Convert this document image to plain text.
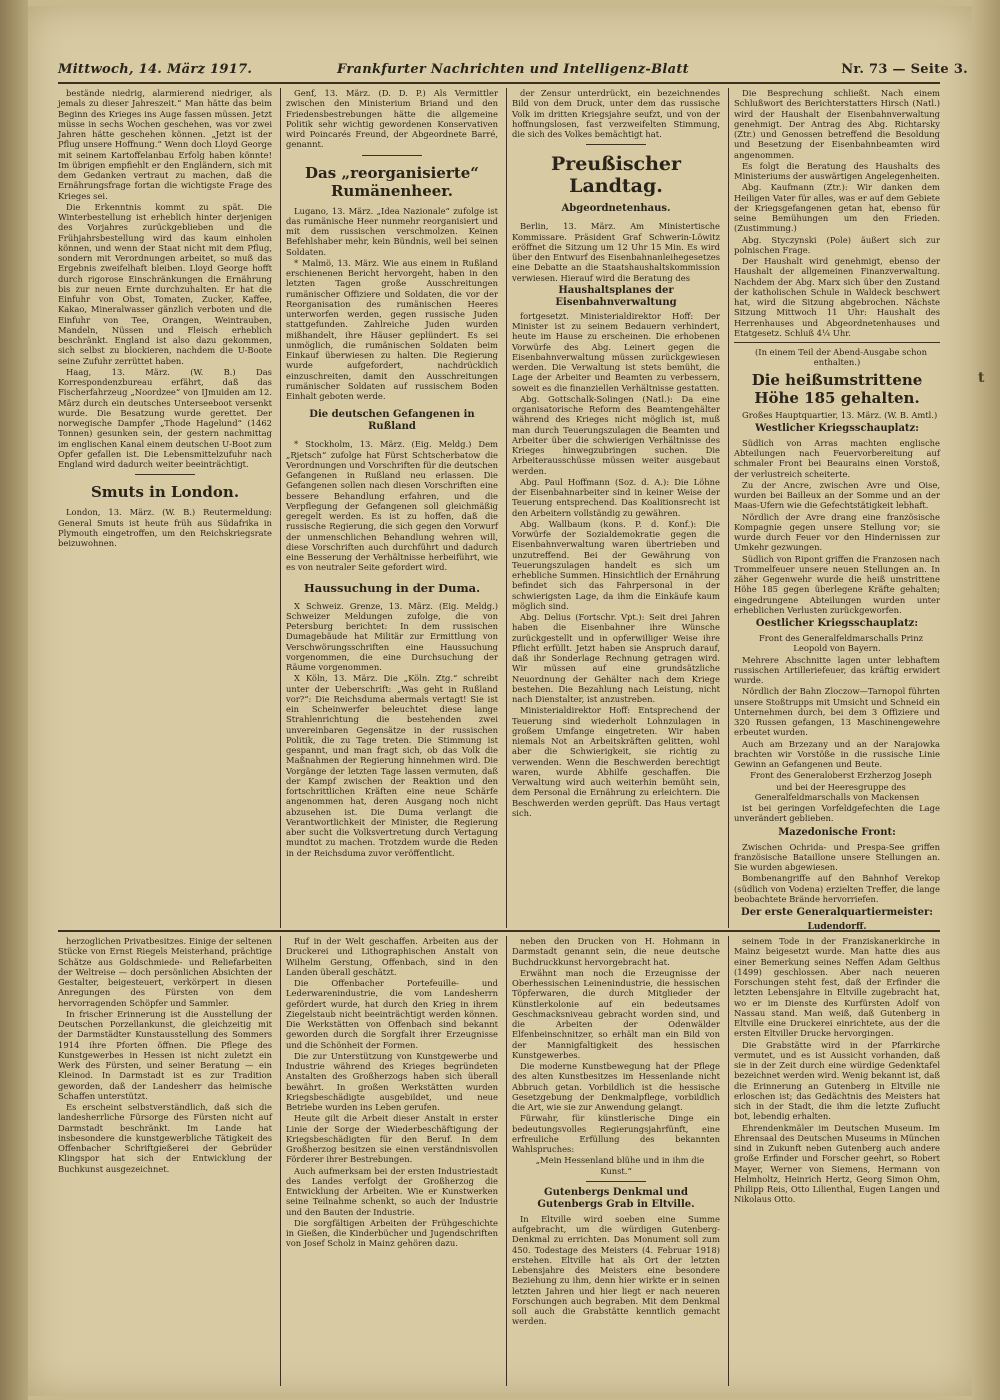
Mittwoch, 14. März 1917.	Frankfurter Nachrichten und Intelligenz-Blatt	Nr. 73 — Seite 3.

bestände niedrig, alarmierend niedriger, als jemals zu dieser Jahreszeit.“ Man hätte das beim Beginn des Krieges ins Auge fassen müssen. Jetzt müsse in sechs Wochen geschehen, was vor zwei Jahren hätte geschehen können. „Jetzt ist der Pflug unsere Hoffnung.“ Wenn doch Lloyd George mit seinem Kartoffelanbau Erfolg haben könnte! Im übrigen empfiehlt er den Engländern, sich mit dem Gedanken vertraut zu machen, daß die Ernährungsfrage fortan die wichtigste Frage des Krieges sei.

Die Erkenntnis kommt zu spät. Die Winterbestellung ist erheblich hinter derjenigen des Vorjahres zurückgeblieben und die Frühjahrsbestellung wird das kaum einholen können, und wenn der Staat nicht mit dem Pflug, sondern mit Verordnungen arbeitet, so muß das Ergebnis zweifelhaft bleiben. Lloyd George hofft durch rigorose Einschränkungen die Ernährung bis zur neuen Ernte durchzuhalten. Er hat die Einfuhr von Obst, Tomaten, Zucker, Kaffee, Kakao, Mineralwasser gänzlich verboten und die Einfuhr von Tee, Orangen, Weintrauben, Mandeln, Nüssen und Fleisch erheblich beschränkt. England ist also dazu gekommen, sich selbst zu blockieren, nachdem die U-Boote seine Zufuhr zerrüttet haben.

Haag, 13. März. (W. B.) Das Korrespondenzbureau erfährt, daß das Fischerfahrzeug „Noordzee“ von IJmuiden am 12. März durch ein deutsches Unterseeboot versenkt wurde. Die Besatzung wurde gerettet. Der norwegische Dampfer „Thode Hagelund“ (1462 Tonnen) gesunken sein, der gestern nachmittag im englischen Kanal einem deutschen U-Boot zum Opfer gefallen ist. Die Lebensmittelzufuhr nach England wird dadurch weiter beeinträchtigt.

Smuts in London.

London, 13. März. (W. B.) Reutermeldung: General Smuts ist heute früh aus Südafrika in Plymouth eingetroffen, um den Reichskriegsrate beizuwohnen.

Genf, 13. März. (D. D. P.) Als Vermittler zwischen den Ministerium Briand und den Friedensbestrebungen hätte die allgemeine Politik sehr wichtig gewordenen Konservativen wird Poincarés Freund, der Abgeordnete Barré, genannt.

Das „reorganisierte“ Rumänenheer.

Lugano, 13. März. „Idea Nazionale“ zufolge ist das rumänische Heer nunmehr reorganisiert und mit dem russischen verschmolzen. Keinen Befehlshaber mehr, kein Bündnis, weil bei seinen Soldaten.

* Malmö, 13. März. Wie aus einem in Rußland erschienenen Bericht hervorgeht, haben in den letzten Tagen große Ausschreitungen rumänischer Offiziere und Soldaten, die vor der Reorganisation des rumänischen Heeres unterworfen werden, gegen russische Juden stattgefunden. Zahlreiche Juden wurden mißhandelt, ihre Häuser geplündert. Es sei unmöglich, die rumänischen Soldaten beim Einkauf überwiesen zu halten. Die Regierung wurde aufgefordert, nachdrücklich einzuschreiten, damit den Ausschreitungen rumänischer Soldaten auf russischem Boden Einhalt geboten werde.

Die deutschen Gefangenen in Rußland

* Stockholm, 13. März. (Eig. Meldg.) Dem „Rjetsch“ zufolge hat Fürst Schtscherbatow die Verordnungen und Vorschriften für die deutschen Gefangenen in Rußland neu erlassen. Die Gefangenen sollen nach diesen Vorschriften eine bessere Behandlung erfahren, und die Verpflegung der Gefangenen soll gleichmäßig geregelt werden. Es ist zu hoffen, daß die russische Regierung, die sich gegen den Vorwurf der unmenschlichen Behandlung wehren will, diese Vorschriften auch durchführt und dadurch eine Besserung der Verhältnisse herbeiführt, wie es von neutraler Seite gefordert wird.

Haussuchung in der Duma.

X Schweiz. Grenze, 13. März. (Eig. Meldg.) Schweizer Meldungen zufolge, die von Petersburg berichtet: In dem russischen Dumagebäude hat Militär zur Ermittlung von Verschwörungsschriften eine Haussuchung vorgenommen, die eine Durchsuchung der Räume vorgenommen.

X Köln, 13. März. Die „Köln. Ztg.“ schreibt unter der Ueberschrift: „Was geht in Rußland vor?“: Die Reichsduma abermals vertagt! Sie ist ein Scheinwerfer beleuchtet diese lange Strahlenrichtung die bestehenden zwei unvereinbaren Gegensätze in der russischen Politik, die zu Tage treten. Die Stimmung ist gespannt, und man fragt sich, ob das Volk die Maßnahmen der Regierung hinnehmen wird. Die Vorgänge der letzten Tage lassen vermuten, daß der Kampf zwischen der Reaktion und den fortschrittlichen Kräften eine neue Schärfe angenommen hat, deren Ausgang noch nicht abzusehen ist. Die Duma verlangt die Verantwortlichkeit der Minister, die Regierung aber sucht die Volksvertretung durch Vertagung mundtot zu machen. Trotzdem wurde die Reden in der Reichsduma zuvor veröffentlicht.

der Zensur unterdrückt, ein bezeichnendes Bild von dem Druck, unter dem das russische Volk im dritten Kriegsjahre seufzt, und von der hoffnungslosen, fast verzweifelten Stimmung, die sich des Volkes bemächtigt hat.

Preußischer Landtag.
Abgeordnetenhaus.

Berlin, 13. März. Am Ministertische Kommissare. Präsident Graf Schwerin-Löwitz eröffnet die Sitzung um 12 Uhr 15 Min. Es wird über den Entwurf des Eisenbahnanleihegesetzes eine Debatte an die Staatshaushaltskommission verwiesen. Hierauf wird die Beratung des

Haushaltsplanes der Eisenbahnverwaltung

fortgesetzt. Ministerialdirektor Hoff: Der Minister ist zu seinem Bedauern verhindert, heute im Hause zu erscheinen. Die erhobenen Vorwürfe des Abg. Leinert gegen die Eisenbahnverwaltung müssen zurückgewiesen werden. Die Verwaltung ist stets bemüht, die Lage der Arbeiter und Beamten zu verbessern, soweit es die finanziellen Verhältnisse gestatten.

Abg. Gottschalk-Solingen (Natl.): Da eine organisatorische Reform des Beamtengehälter während des Krieges nicht möglich ist, muß man durch Teuerungszulagen die Beamten und Arbeiter über die schwierigen Verhältnisse des Krieges hinwegzubringen suchen. Die Arbeiterausschüsse müssen weiter ausgebaut werden.

Abg. Paul Hoffmann (Soz. d. A.): Die Löhne der Eisenbahnarbeiter sind in keiner Weise der Teuerung entsprechend. Das Koalitionsrecht ist den Arbeitern vollständig zu gewähren.

Abg. Wallbaum (kons. P. d. Konf.): Die Vorwürfe der Sozialdemokratie gegen die Eisenbahnverwaltung waren übertrieben und unzutreffend. Bei der Gewährung von Teuerungszulagen handelt es sich um erhebliche Summen. Hinsichtlich der Ernährung befindet sich das Fahrpersonal in der schwierigsten Lage, da ihm die Einkäufe kaum möglich sind.

Abg. Delius (Fortschr. Vpt.): Seit drei Jahren haben die Eisenbahner ihre Wünsche zurückgestellt und in opferwilliger Weise ihre Pflicht erfüllt. Jetzt haben sie Anspruch darauf, daß ihr Sonderlage Rechnung getragen wird. Wir müssen auf eine grundsätzliche Neuordnung der Gehälter nach dem Kriege bestehen. Die Bezahlung nach Leistung, nicht nach Dienstalter, ist anzustreben.

Ministerialdirektor Hoff: Entsprechend der Teuerung sind wiederholt Lohnzulagen in großem Umfange eingetreten. Wir haben niemals Not an Arbeitskräften gelitten, wohl aber die Schwierigkeit, sie richtig zu verwenden. Wenn die Beschwerden berechtigt waren, wurde Abhilfe geschaffen. Die Verwaltung wird auch weiterhin bemüht sein, dem Personal die Ernährung zu erleichtern. Die Beschwerden werden geprüft. Das Haus vertagt sich.

Die Besprechung schließt. Nach einem Schlußwort des Berichterstatters Hirsch (Natl.) wird der Haushalt der Eisenbahnverwaltung genehmigt. Der Antrag des Abg. Richtarsky (Ztr.) und Genossen betreffend die Besoldung und Besetzung der Eisenbahnbeamten wird angenommen.

Es folgt die Beratung des Haushalts des Ministeriums der auswärtigen Angelegenheiten.

Abg. Kaufmann (Ztr.): Wir danken dem Heiligen Vater für alles, was er auf dem Gebiete der Kriegsgefangenen getan hat, ebenso für seine Bemühungen um den Frieden. (Zustimmung.)

Abg. Styczynski (Pole) äußert sich zur polnischen Frage.

Der Haushalt wird genehmigt, ebenso der Haushalt der allgemeinen Finanzverwaltung. Nachdem der Abg. Marx sich über den Zustand der katholischen Schule in Waldeck beschwert hat, wird die Sitzung abgebrochen. Nächste Sitzung Mittwoch 11 Uhr: Haushalt des Herrenhauses und Abgeordnetenhauses und Etatgesetz. Schluß 4¼ Uhr.

(In einem Teil der Abend-Ausgabe schon enthalten.)

Die heißumstrittene Höhe 185 gehalten.

Großes Hauptquartier, 13. März. (W. B. Amtl.)

Westlicher Kriegsschauplatz:

Südlich von Arras machten englische Abteilungen nach Feuervorbereitung auf schmaler Front bei Beaurains einen Vorstoß, der verlustreich scheiterte.

Zu der Ancre, zwischen Avre und Oise, wurden bei Bailleux an der Somme und an der Maas-Ufern wie die Gefechtstätigkeit lebhaft.

Nördlich der Avre drang eine französische Kompagnie gegen unsere Stellung vor; sie wurde durch Feuer vor den Hindernissen zur Umkehr gezwungen.

Südlich von Ripont griffen die Franzosen nach Trommelfeuer unsere neuen Stellungen an. In zäher Gegenwehr wurde die heiß umstrittene Höhe 185 gegen überlegene Kräfte gehalten; eingedrungene Abteilungen wurden unter erheblichen Verlusten zurückgeworfen.

Oestlicher Kriegsschauplatz:

Front des Generalfeldmarschalls Prinz Leopold von Bayern.

Mehrere Abschnitte lagen unter lebhaftem russischen Artilleriefeuer, das kräftig erwidert wurde.

Nördlich der Bahn Zloczow—Tarnopol führten unsere Stoßtrupps mit Umsicht und Schneid ein Unternehmen durch, bei dem 3 Offiziere und 320 Russen gefangen, 13 Maschinengewehre erbeutet wurden.

Auch am Brzezany und an der Narajowka brachten wir Vorstöße in die russische Linie Gewinn an Gefangenen und Beute.

Front des Generaloberst Erzherzog Joseph

und bei der Heeresgruppe des Generalfeldmarschalls von Mackensen

ist bei geringen Vorfeldgefechten die Lage unverändert geblieben.

Mazedonische Front:

Zwischen Ochrida- und Prespa-See griffen französische Bataillone unsere Stellungen an. Sie wurden abgewiesen.

Bombenangriffe auf den Bahnhof Verekop (südlich von Vodena) erzielten Treffer, die lange beobachtete Brände hervorriefen.

Der erste Generalquartiermeister:

Ludendorff.

herzoglichen Privatbesitzes. Einige der seltenen Stücke von Ernst Riegels Meisterhand, prächtige Schätze aus Goldschmiede- und Reliefarbeiten der Weltreise — doch persönlichen Absichten der Gestalter, beigesteuert, verkörpert in diesen Anregungen des Fürsten von dem hervorragenden Schöpfer und Sammler.

In frischer Erinnerung ist die Ausstellung der Deutschen Porzellankunst, die gleichzeitig mit der Darmstädter Kunstausstellung des Sommers 1914 ihre Pforten öffnen. Die Pflege des Kunstgewerbes in Hessen ist nicht zuletzt ein Werk des Fürsten, und seiner Beratung — ein Kleinod. In Darmstadt ist es zur Tradition geworden, daß der Landesherr das heimische Schaffen unterstützt.

Es erscheint selbstverständlich, daß sich die landesherrliche Fürsorge des Fürsten nicht auf Darmstadt beschränkt. Im Lande hat insbesondere die kunstgewerbliche Tätigkeit des Offenbacher Schriftgießerei der Gebrüder Klingspor hat sich der Entwicklung der Buchkunst ausgezeichnet.

Ruf in der Welt geschaffen. Arbeiten aus der Druckerei und Lithographischen Anstalt von Wilhelm Gerstung, Offenbach, sind in den Landen überall geschätzt.

Die Offenbacher Portefeuille- und Lederwarenindustrie, die vom Landesherrn gefördert wurde, hat durch den Krieg in ihrem Ziegelstaub nicht beeinträchtigt werden können. Die Werkstätten von Offenbach sind bekannt geworden durch die Sorgfalt ihrer Erzeugnisse und die Schönheit der Formen.

Die zur Unterstützung von Kunstgewerbe und Industrie während des Krieges begründeten Anstalten des Großherzogs haben sich überall bewährt. In großen Werkstätten wurden Kriegsbeschädigte ausgebildet, und neue Betriebe wurden ins Leben gerufen.

Heute gilt die Arbeit dieser Anstalt in erster Linie der Sorge der Wiederbeschäftigung der Kriegsbeschädigten für den Beruf. In dem Großherzog besitzen sie einen verständnisvollen Förderer ihrer Bestrebungen.

Auch aufmerksam bei der ersten Industriestadt des Landes verfolgt der Großherzog die Entwicklung der Arbeiten. Wie er Kunstwerken seine Teilnahme schenkt, so auch der Industrie und den Bauten der Industrie.

Die sorgfältigen Arbeiten der Frühgeschichte in Gießen, die Kinderbücher und Jugendschriften von Josef Scholz in Mainz gehören dazu.

neben den Drucken von H. Hohmann in Darmstadt genannt sein, die neue deutsche Buchdruckkunst hervorgebracht hat.

Erwähnt man noch die Erzeugnisse der Oberhessischen Leinenindustrie, die hessischen Töpferwaren, die durch Mitglieder der Künstlerkolonie auf ein bedeutsames Geschmacksniveau gebracht worden sind, und die Arbeiten der Odenwälder Elfenbeinschnitzer, so erhält man ein Bild von der Mannigfaltigkeit des hessischen Kunstgewerbes.

Die moderne Kunstbewegung hat der Pflege des alten Kunstbesitzes im Hessenlande nicht Abbruch getan. Vorbildlich ist die hessische Gesetzgebung der Denkmalpflege, vorbildlich die Art, wie sie zur Anwendung gelangt.

Fürwahr, für künstlerische Dinge ein bedeutungsvolles Regierungsjahrfünft, eine erfreuliche Erfüllung des bekannten Wahlspruches:

„Mein Hessenland blühe und in ihm die Kunst.“

Gutenbergs Denkmal und Gutenbergs Grab in Eltville.

In Eltville wird soeben eine Summe aufgebracht, um die würdigen Gutenberg-Denkmal zu errichten. Das Monument soll zum 450. Todestage des Meisters (4. Februar 1918) erstehen. Eltville hat als Ort der letzten Lebensjahre des Meisters eine besondere Beziehung zu ihm, denn hier wirkte er in seinen letzten Jahren und hier liegt er nach neueren Forschungen auch begraben. Mit dem Denkmal soll auch die Grabstätte kenntlich gemacht werden.

seinem Tode in der Franziskanerkirche in Mainz beigesetzt wurde. Man hatte dies aus einer Bemerkung seines Neffen Adam Gelthus (1499) geschlossen. Aber nach neueren Forschungen steht fest, daß der Erfinder die letzten Lebensjahre in Eltville zugebracht hat, wo er im Dienste des Kurfürsten Adolf von Nassau stand. Man weiß, daß Gutenberg in Eltville eine Druckerei einrichtete, aus der die ersten Eltviller Drucke hervorgingen.

Die Grabstätte wird in der Pfarrkirche vermutet, und es ist Aussicht vorhanden, daß sie in der Zeit durch eine würdige Gedenktafel bezeichnet werden wird. Wenig bekannt ist, daß die Erinnerung an Gutenberg in Eltville nie erloschen ist; das Gedächtnis des Meisters hat sich in der Stadt, die ihm die letzte Zuflucht bot, lebendig erhalten.

Ehrendenkmäler im Deutschen Museum. Im Ehrensaal des Deutschen Museums in München sind in Zukunft neben Gutenberg auch andere große Erfinder und Forscher geehrt, so Robert Mayer, Werner von Siemens, Hermann von Helmholtz, Heinrich Hertz, Georg Simon Ohm, Philipp Reis, Otto Lilienthal, Eugen Langen und Nikolaus Otto.

t
